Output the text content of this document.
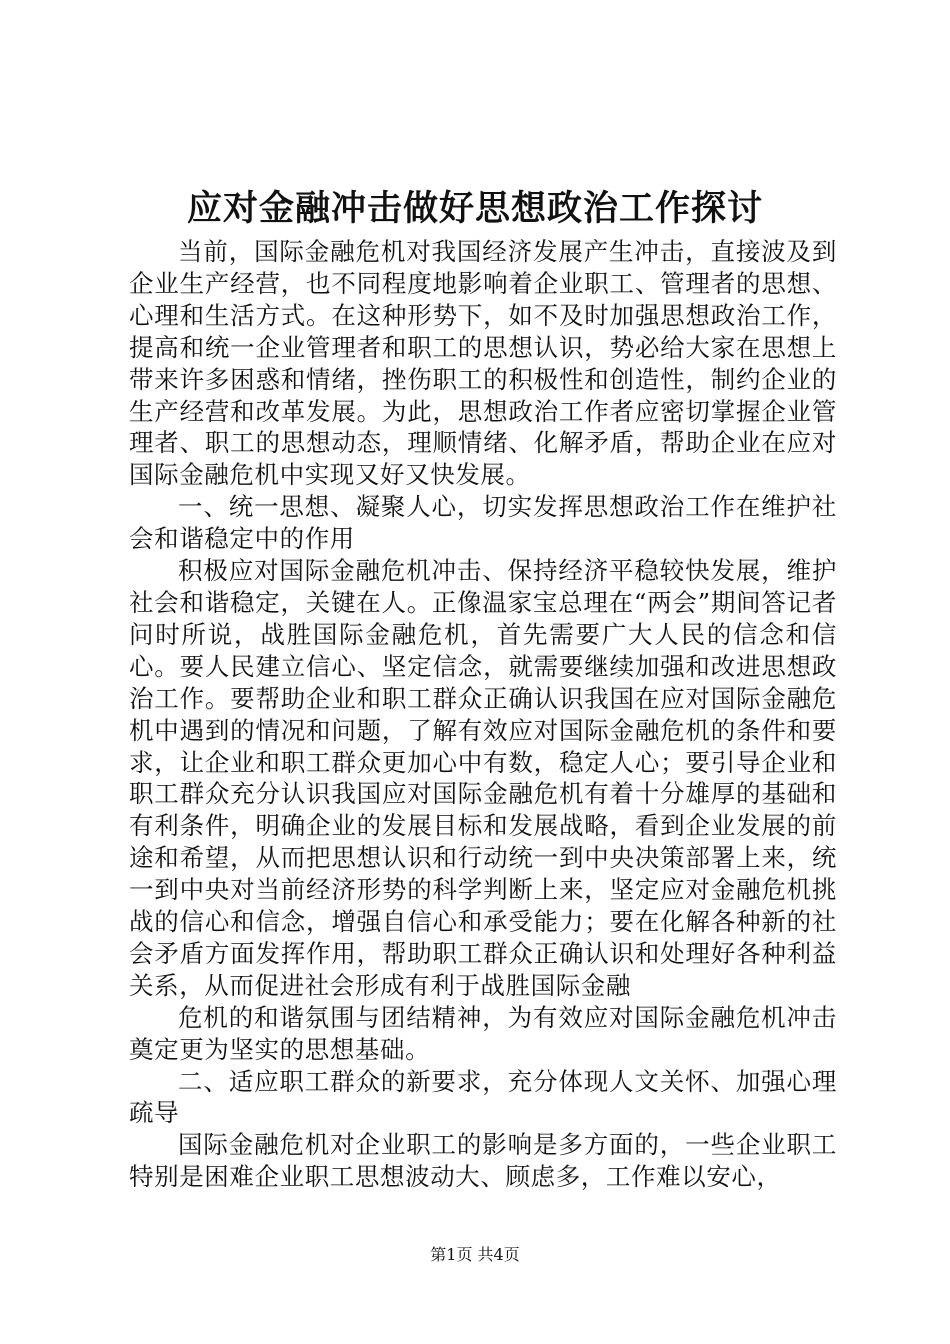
应对金融冲击做好思想政治工作探讨

当前，国际金融危机对我国经济发展产生冲击，直接波及到企业生产经营，也不同程度地影响着企业职工、管理者的思想、心理和生活方式。在这种形势下，如不及时加强思想政治工作，提高和统一企业管理者和职工的思想认识，势必给大家在思想上带来许多困惑和情绪，挫伤职工的积极性和创造性，制约企业的生产经营和改革发展。为此，思想政治工作者应密切掌握企业管理者、职工的思想动态，理顺情绪、化解矛盾，帮助企业在应对国际金融危机中实现又好又快发展。

一、统一思想、凝聚人心，切实发挥思想政治工作在维护社会和谐稳定中的作用

积极应对国际金融危机冲击、保持经济平稳较快发展，维护社会和谐稳定，关键在人。正像温家宝总理在“两会”期间答记者问时所说，战胜国际金融危机，首先需要广大人民的信念和信心。要人民建立信心、坚定信念，就需要继续加强和改进思想政治工作。要帮助企业和职工群众正确认识我国在应对国际金融危机中遇到的情况和问题，了解有效应对国际金融危机的条件和要求，让企业和职工群众更加心中有数，稳定人心；要引导企业和职工群众充分认识我国应对国际金融危机有着十分雄厚的基础和有利条件，明确企业的发展目标和发展战略，看到企业发展的前途和希望，从而把思想认识和行动统一到中央决策部署上来，统一到中央对当前经济形势的科学判断上来，坚定应对金融危机挑战的信心和信念，增强自信心和承受能力；要在化解各种新的社会矛盾方面发挥作用，帮助职工群众正确认识和处理好各种利益关系，从而促进社会形成有利于战胜国际金融

危机的和谐氛围与团结精神，为有效应对国际金融危机冲击奠定更为坚实的思想基础。

二、适应职工群众的新要求，充分体现人文关怀、加强心理疏导

国际金融危机对企业职工的影响是多方面的，一些企业职工特别是困难企业职工思想波动大、顾虑多，工作难以安心，

第1页 共4页
